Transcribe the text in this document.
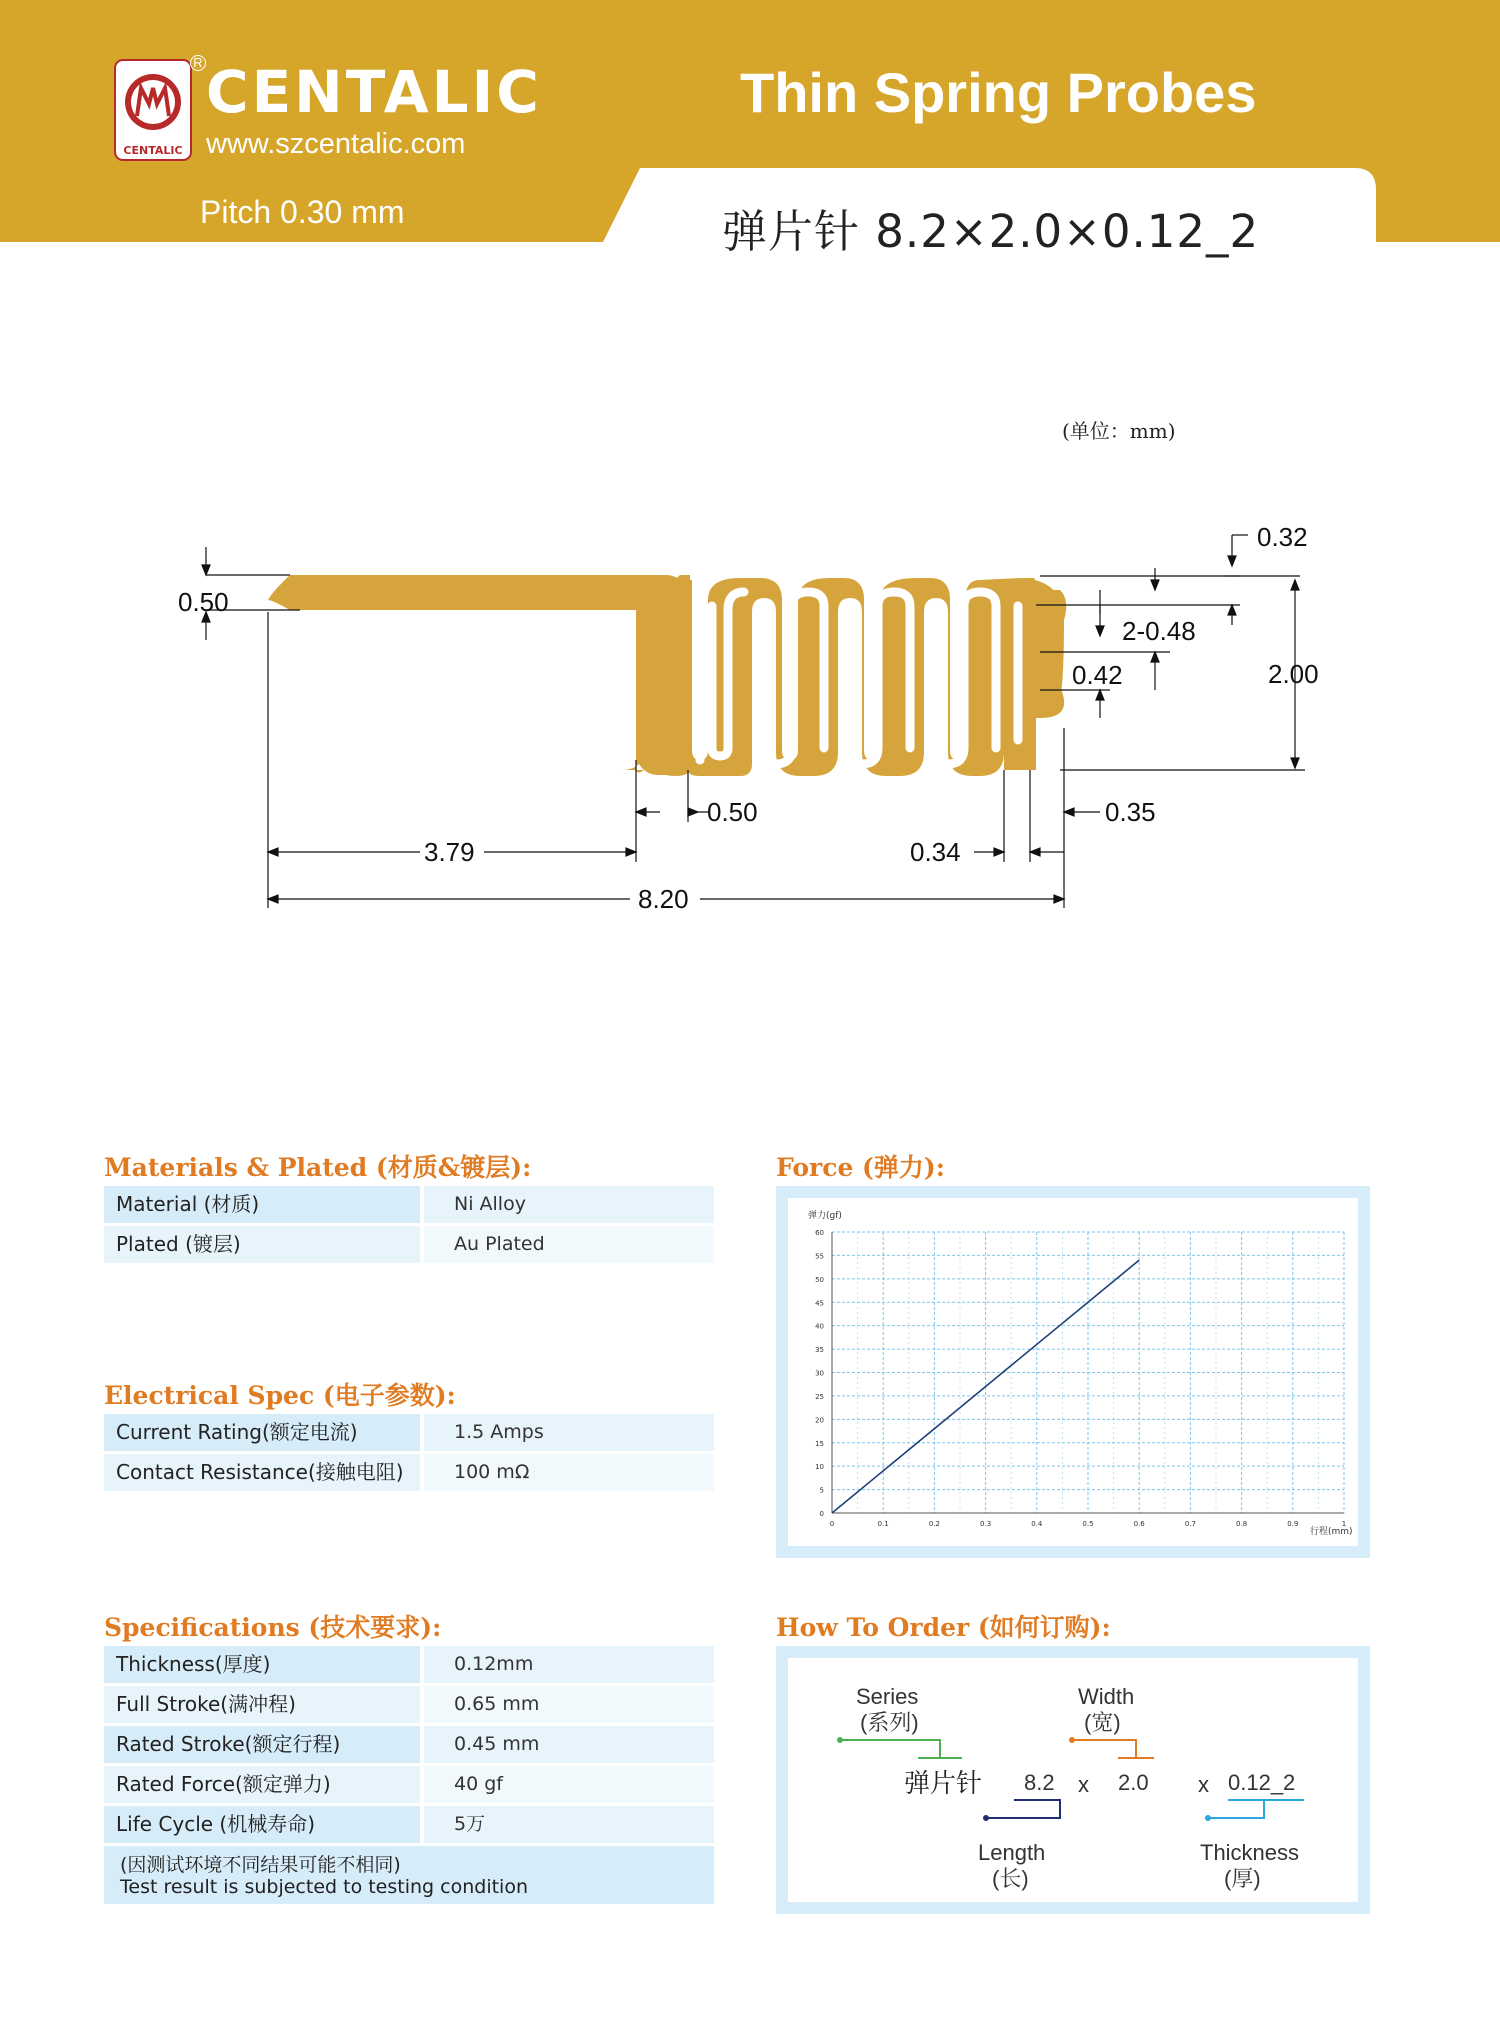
CENTALIC
R CENTALIC
www.szcentalic.com
Thin Spring Probes
Pitch 0.30 mm	弹片针 8.2×2.0×0.12_2
(单位：mm)
0.50
0.32
2-0.48
0.42	2.00
0.50	0.35
0.34
3.79
8.20
Materials & Plated (材质&镀层):
Material (材质)	Ni Alloy
Plated (镀层)	Au Plated
Electrical Spec (电子参数):
Current Rating(额定电流)	1.5 Amps
Contact Resistance(接触电阻)	100 mΩ
Specifications (技术要求):
Thickness(厚度)	0.12mm
Full Stroke(满冲程)	0.65 mm
Rated Stroke(额定行程)	0.45 mm
Rated Force(额定弹力)	40 gf
Life Cycle (机械寿命)	5万
(因测试环境不同结果可能不相同)
Test result is subjected to testing condition
Force (弹力):
弹力(gf)
行程(mm)
0	0.1	0.2	0.3	0.4	0.5	0.6	0.7	0.8	0.9	1
0
5
10
15
20
25
30
35
40
45
50
55
60
How To Order (如何订购):
Series
(系列)
Width
(宽)
弹片针 8.2 x 2.0 x 0.12_2
Length
(长)
Thickness
(厚)
